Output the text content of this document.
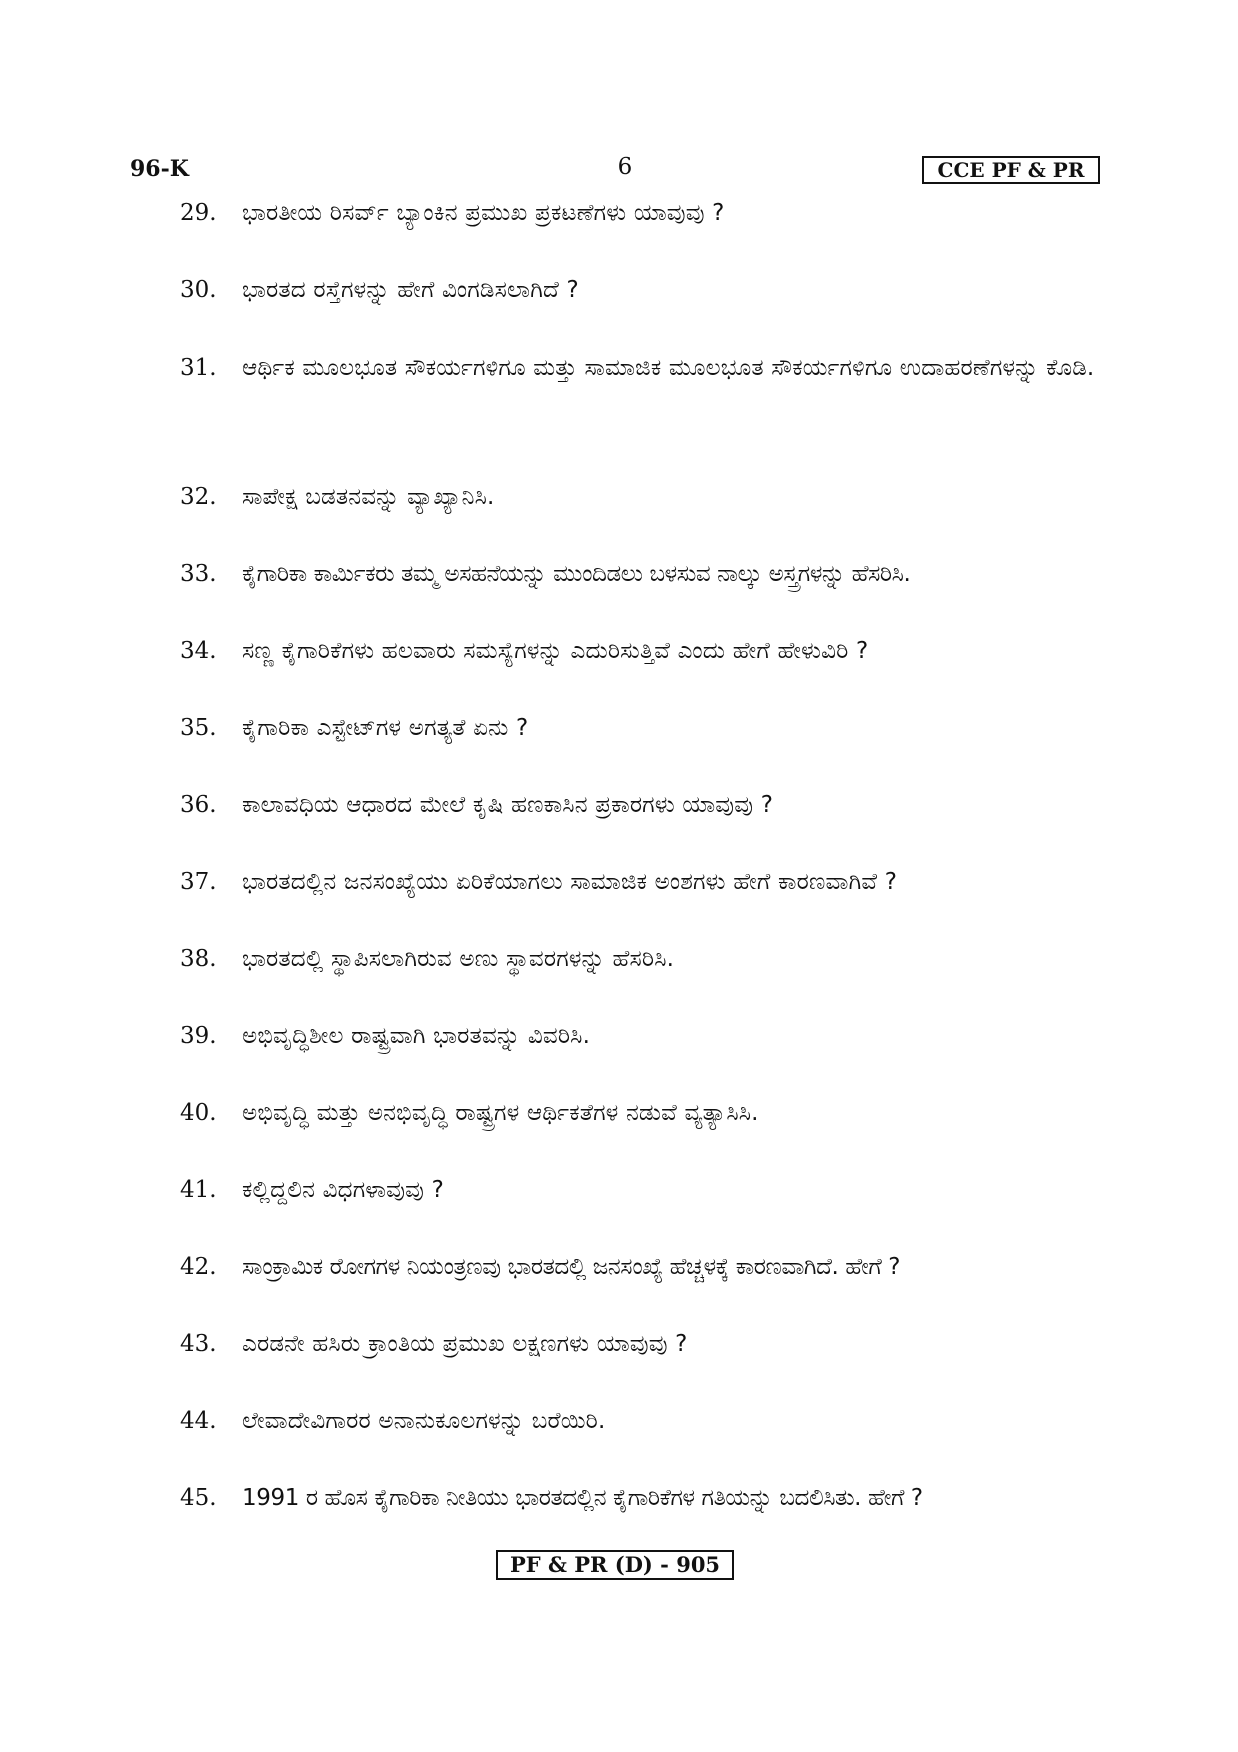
96-K	6	CCE PF & PR
29.	ಭಾರತೀಯ ರಿಸರ್ವ್ ಬ್ಯಾಂಕಿನ ಪ್ರಮುಖ ಪ್ರಕಟಣೆಗಳು ಯಾವುವು ?
30.	ಭಾರತದ ರಸ್ತೆಗಳನ್ನು ಹೇಗೆ ವಿಂಗಡಿಸಲಾಗಿದೆ ?
31.	ಆರ್ಥಿಕ ಮೂಲಭೂತ ಸೌಕರ್ಯಗಳಿಗೂ ಮತ್ತು ಸಾಮಾಜಿಕ ಮೂಲಭೂತ ಸೌಕರ್ಯಗಳಿಗೂ ಉದಾಹರಣೆಗಳನ್ನು ಕೊಡಿ.
32.	ಸಾಪೇಕ್ಷ ಬಡತನವನ್ನು ವ್ಯಾಖ್ಯಾನಿಸಿ.
33.	ಕೈಗಾರಿಕಾ ಕಾರ್ಮಿಕರು ತಮ್ಮ ಅಸಹನೆಯನ್ನು ಮುಂದಿಡಲು ಬಳಸುವ ನಾಲ್ಕು ಅಸ್ತ್ರಗಳನ್ನು ಹೆಸರಿಸಿ.
34.	ಸಣ್ಣ ಕೈಗಾರಿಕೆಗಳು ಹಲವಾರು ಸಮಸ್ಯೆಗಳನ್ನು ಎದುರಿಸುತ್ತಿವೆ ಎಂದು ಹೇಗೆ ಹೇಳುವಿರಿ ?
35.	ಕೈಗಾರಿಕಾ ಎಸ್ಟೇಟ್‌ಗಳ ಅಗತ್ಯತೆ ಏನು ?
36.	ಕಾಲಾವಧಿಯ ಆಧಾರದ ಮೇಲೆ ಕೃಷಿ ಹಣಕಾಸಿನ ಪ್ರಕಾರಗಳು ಯಾವುವು ?
37.	ಭಾರತದಲ್ಲಿನ ಜನಸಂಖ್ಯೆಯು ಏರಿಕೆಯಾಗಲು ಸಾಮಾಜಿಕ ಅಂಶಗಳು ಹೇಗೆ ಕಾರಣವಾಗಿವೆ ?
38.	ಭಾರತದಲ್ಲಿ ಸ್ಥಾಪಿಸಲಾಗಿರುವ ಅಣು ಸ್ಥಾವರಗಳನ್ನು ಹೆಸರಿಸಿ.
39.	ಅಭಿವೃದ್ಧಿಶೀಲ ರಾಷ್ಟ್ರವಾಗಿ ಭಾರತವನ್ನು ವಿವರಿಸಿ.
40.	ಅಭಿವೃದ್ಧಿ ಮತ್ತು ಅನಭಿವೃದ್ಧಿ ರಾಷ್ಟ್ರಗಳ ಆರ್ಥಿಕತೆಗಳ ನಡುವೆ ವ್ಯತ್ಯಾಸಿಸಿ.
41.	ಕಲ್ಲಿದ್ದಲಿನ ವಿಧಗಳಾವುವು ?
42.	ಸಾಂಕ್ರಾಮಿಕ ರೋಗಗಳ ನಿಯಂತ್ರಣವು ಭಾರತದಲ್ಲಿ ಜನಸಂಖ್ಯೆ ಹೆಚ್ಚಳಕ್ಕೆ ಕಾರಣವಾಗಿದೆ. ಹೇಗೆ ?
43.	ಎರಡನೇ ಹಸಿರು ಕ್ರಾಂತಿಯ ಪ್ರಮುಖ ಲಕ್ಷಣಗಳು ಯಾವುವು ?
44.	ಲೇವಾದೇವಿಗಾರರ ಅನಾನುಕೂಲಗಳನ್ನು ಬರೆಯಿರಿ.
45.	1991 ರ ಹೊಸ ಕೈಗಾರಿಕಾ ನೀತಿಯು ಭಾರತದಲ್ಲಿನ ಕೈಗಾರಿಕೆಗಳ ಗತಿಯನ್ನು ಬದಲಿಸಿತು. ಹೇಗೆ ?
PF & PR (D) - 905
